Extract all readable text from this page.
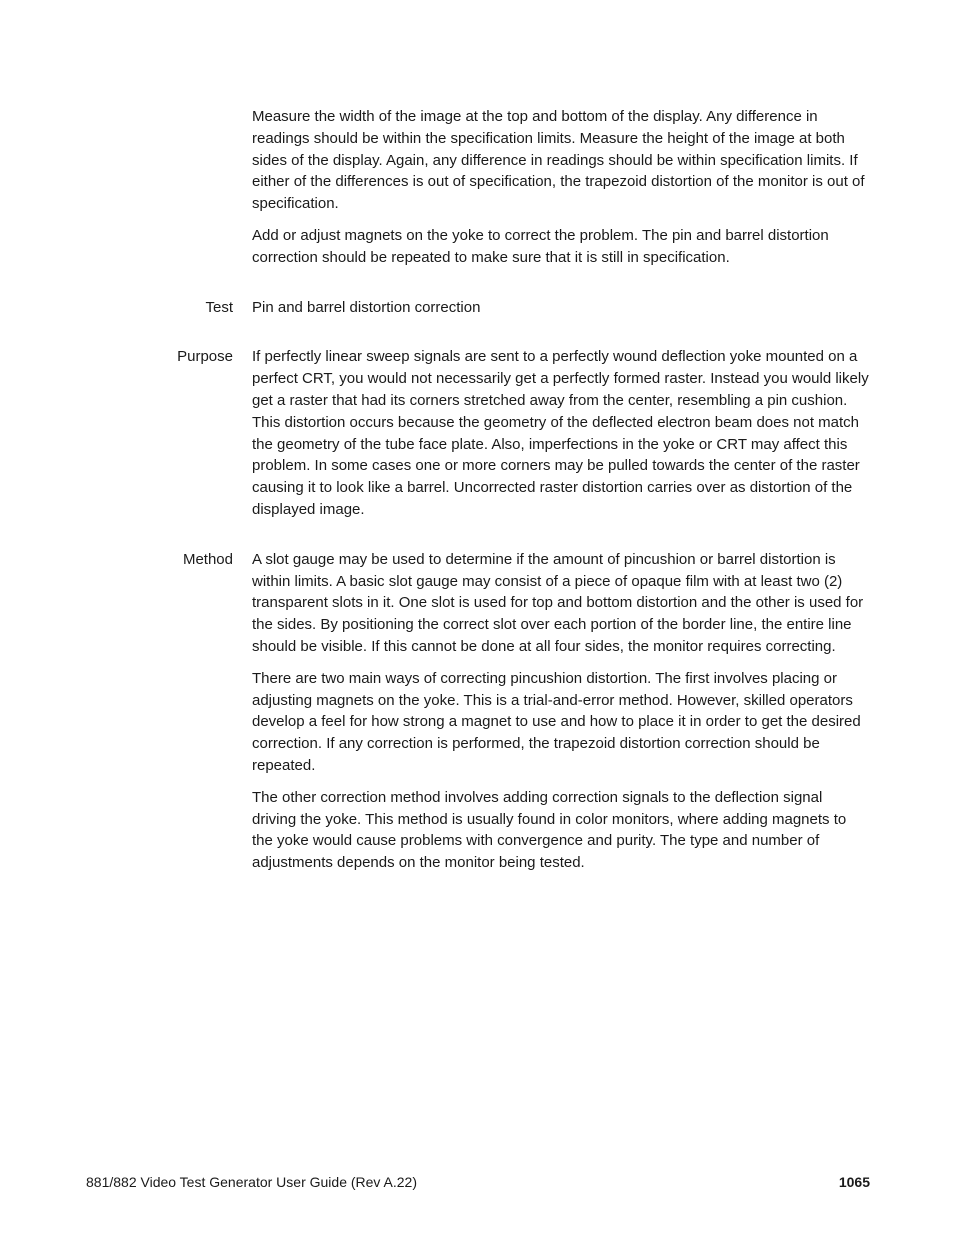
Measure the width of the image at the top and bottom of the display. Any difference in readings should be within the specification limits. Measure the height of the image at both sides of the display. Again, any difference in readings should be within specification limits. If either of the differences is out of specification, the trapezoid distortion of the monitor is out of specification.

Add or adjust magnets on the yoke to correct the problem. The pin and barrel distortion correction should be repeated to make sure that it is still in specification.

Test Pin and barrel distortion correction

Purpose If perfectly linear sweep signals are sent to a perfectly wound deflection yoke mounted on a perfect CRT, you would not necessarily get a perfectly formed raster. Instead you would likely get a raster that had its corners stretched away from the center, resembling a pin cushion. This distortion occurs because the geometry of the deflected electron beam does not match the geometry of the tube face plate. Also, imperfections in the yoke or CRT may affect this problem. In some cases one or more corners may be pulled towards the center of the raster causing it to look like a barrel. Uncorrected raster distortion carries over as distortion of the displayed image.

Method A slot gauge may be used to determine if the amount of pincushion or barrel distortion is within limits. A basic slot gauge may consist of a piece of opaque film with at least two (2) transparent slots in it. One slot is used for top and bottom distortion and the other is used for the sides. By positioning the correct slot over each portion of the border line, the entire line should be visible. If this cannot be done at all four sides, the monitor requires correcting.

There are two main ways of correcting pincushion distortion. The first involves placing or adjusting magnets on the yoke. This is a trial-and-error method. However, skilled operators develop a feel for how strong a magnet to use and how to place it in order to get the desired correction. If any correction is performed, the trapezoid distortion correction should be repeated.

The other correction method involves adding correction signals to the deflection signal driving the yoke. This method is usually found in color monitors, where adding magnets to the yoke would cause problems with convergence and purity. The type and number of adjustments depends on the monitor being tested.

881/882 Video Test Generator User Guide (Rev A.22)	1065
